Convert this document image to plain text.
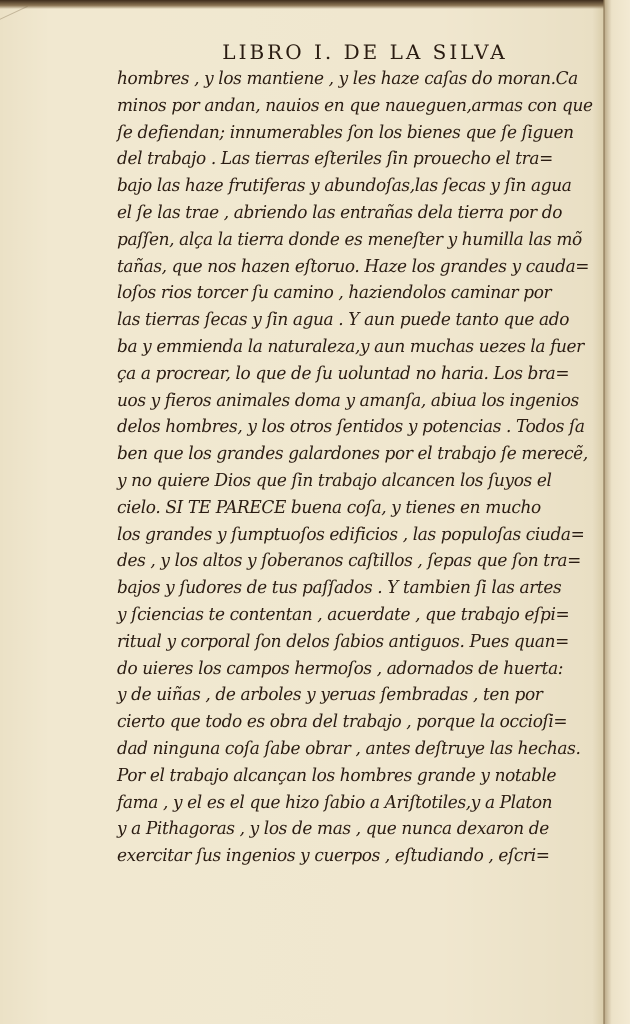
LIBRO I. DE LA SILVA
hombres , y los mantiene , y les haze caſas do moran.Ca
minos por andan, nauios en que naueguen,armas con que
ſe defiendan; innumerables ſon los bienes que ſe ſiguen
del trabajo . Las tierras eſteriles ſin prouecho el tra=
bajo las haze frutiferas y abundoſas,las ſecas y ſin agua
el ſe las trae , abriendo las entrañas dela tierra por do
paſſen, alça la tierra donde es meneſter y humilla las mõ
tañas, que nos hazen eſtoruo. Haze los grandes y cauda=
loſos rios torcer ſu camino , haziendolos caminar por
las tierras ſecas y ſin agua . Y aun puede tanto que ado
ba y emmienda la naturaleza,y aun muchas uezes la fuer
ça a procrear, lo que de ſu uoluntad no haria. Los bra=
uos y fieros animales doma y amanſa, abiua los ingenios
delos hombres, y los otros ſentidos y potencias . Todos ſa
ben que los grandes galardones por el trabajo ſe merecẽ,
y no quiere Dios que ſin trabajo alcancen los ſuyos el
cielo. SI TE PARECE buena coſa, y tienes en mucho
los grandes y ſumptuoſos edificios , las populoſas ciuda=
des , y los altos y ſoberanos caſtillos , ſepas que ſon tra=
bajos y ſudores de tus paſſados . Y tambien ſi las artes
y ſciencias te contentan , acuerdate , que trabajo eſpi=
ritual y corporal ſon delos ſabios antiguos. Pues quan=
do uieres los campos hermoſos , adornados de huerta:
y de uiñas , de arboles y yeruas ſembradas , ten por
cierto que todo es obra del trabajo , porque la occioſi=
dad ninguna coſa ſabe obrar , antes deſtruye las hechas.
Por el trabajo alcançan los hombres grande y notable
fama , y el es el que hizo ſabio a Ariſtotiles,y a Platon
y a Pithagoras , y los de mas , que nunca dexaron de
exercitar ſus ingenios y cuerpos , eſtudiando , eſcri=
